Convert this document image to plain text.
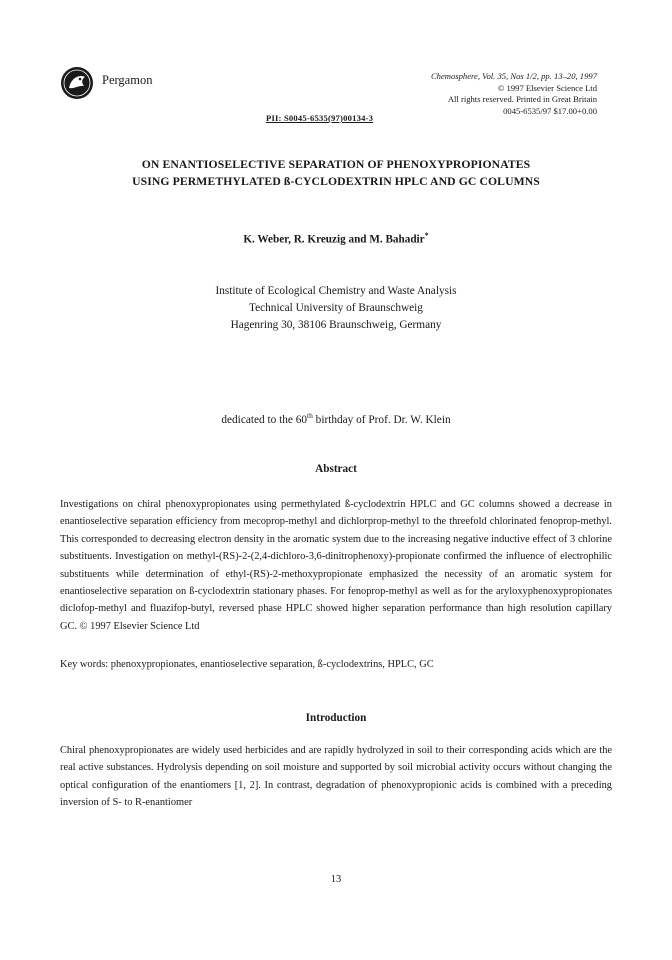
Pergamon	Chemosphere, Vol. 35, Nos 1/2, pp. 13–20, 1997
© 1997 Elsevier Science Ltd
All rights reserved. Printed in Great Britain
0045-6535/97 $17.00+0.00
PII: S0045-6535(97)00134-3
ON ENANTIOSELECTIVE SEPARATION OF PHENOXYPROPIONATES
USING PERMETHYLATED ß-CYCLODEXTRIN HPLC AND GC COLUMNS
K. Weber, R. Kreuzig and M. Bahadir*
Institute of Ecological Chemistry and Waste Analysis
Technical University of Braunschweig
Hagenring 30, 38106 Braunschweig, Germany
dedicated to the 60th birthday of Prof. Dr. W. Klein
Abstract
Investigations on chiral phenoxypropionates using permethylated ß-cyclodextrin HPLC and GC columns showed a decrease in enantioselective separation efficiency from mecoprop-methyl and dichlorprop-methyl to the threefold chlorinated fenoprop-methyl. This corresponded to decreasing electron density in the aromatic system due to the increasing negative inductive effect of 3 chlorine substituents. Investigation on methyl-(RS)-2-(2,4-dichloro-3,6-dinitrophenoxy)-propionate confirmed the influence of electrophilic substituents while determination of ethyl-(RS)-2-methoxypropionate emphasized the necessity of an aromatic system for enantioselective separation on ß-cyclodextrin stationary phases. For fenoprop-methyl as well as for the aryloxyphenoxypropionates diclofop-methyl and fluazifop-butyl, reversed phase HPLC showed higher separation performance than high resolution capillary GC. © 1997 Elsevier Science Ltd
Key words: phenoxypropionates, enantioselective separation, ß-cyclodextrins, HPLC, GC
Introduction
Chiral phenoxypropionates are widely used herbicides and are rapidly hydrolyzed in soil to their corresponding acids which are the real active substances. Hydrolysis depending on soil moisture and supported by soil microbial activity occurs without changing the optical configuration of the enantiomers [1, 2]. In contrast, degradation of phenoxypropionic acids is combined with a preceding inversion of S- to R-enantiomer
13
